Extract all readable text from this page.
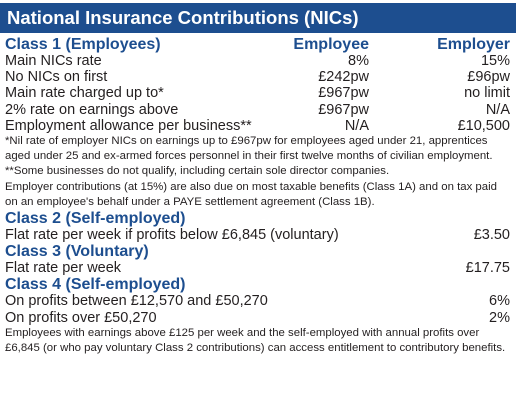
National Insurance Contributions (NICs)
Class 1 (Employees)	Employee	Employer
Main NICs rate	8%	15%
No NICs on first	£242pw	£96pw
Main rate charged up to*	£967pw	no limit
2% rate on earnings above	£967pw	N/A
Employment allowance per business**	N/A	£10,500
*Nil rate of employer NICs on earnings up to £967pw for employees aged under 21, apprentices aged under 25 and ex-armed forces personnel in their first twelve months of civilian employment.
**Some businesses do not qualify, including certain sole director companies.
Employer contributions (at 15%) are also due on most taxable benefits (Class 1A) and on tax paid on an employee's behalf under a PAYE settlement agreement (Class 1B).
Class 2 (Self-employed)
Flat rate per week if profits below £6,845 (voluntary)	£3.50
Class 3 (Voluntary)
Flat rate per week	£17.75
Class 4 (Self-employed)
On profits between £12,570 and £50,270	6%
On profits over £50,270	2%
Employees with earnings above £125 per week and the self-employed with annual profits over £6,845 (or who pay voluntary Class 2 contributions) can access entitlement to contributory benefits.
